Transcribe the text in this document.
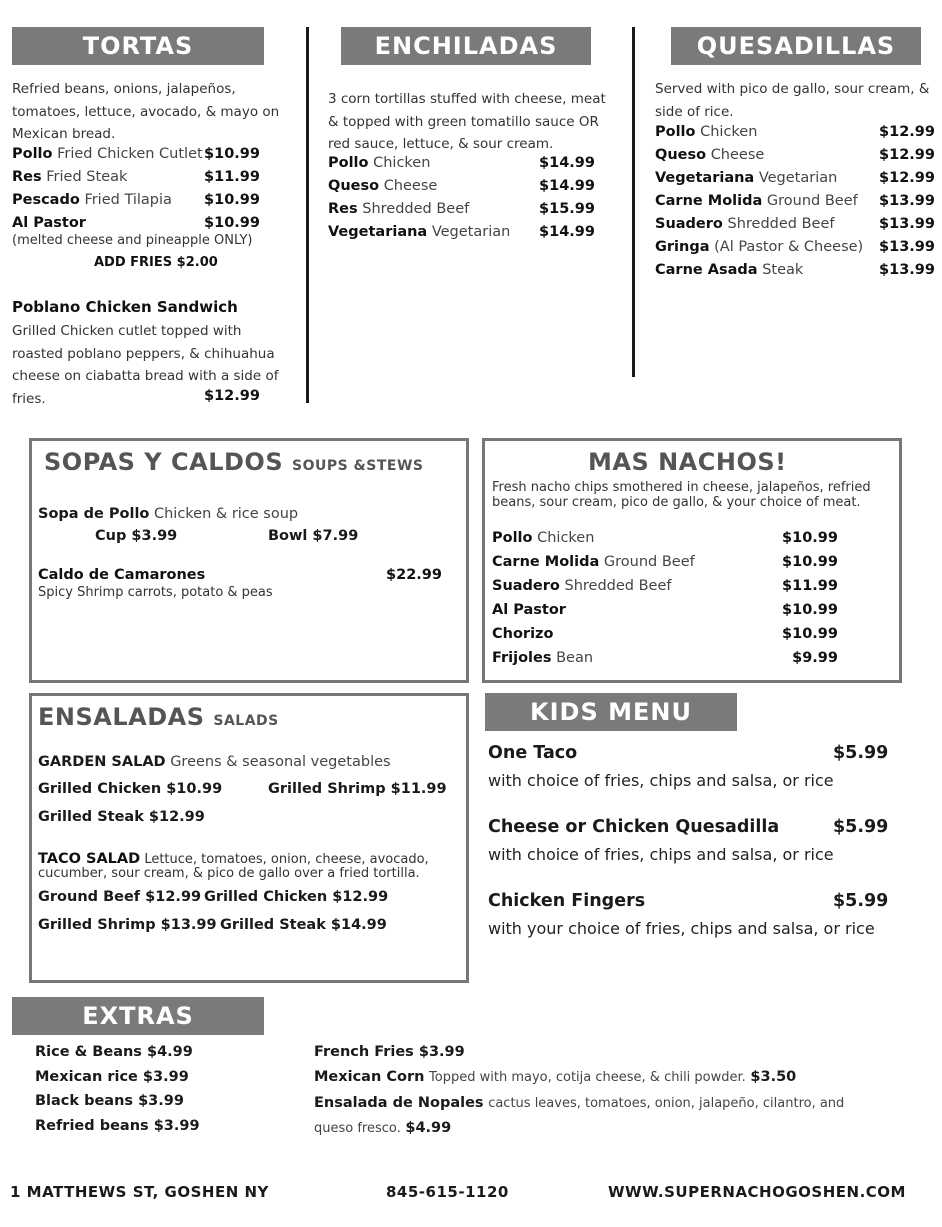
TORTAS
Refried beans, onions, jalapeños, tomatoes, lettuce, avocado, & mayo on Mexican bread.
Pollo Fried Chicken Cutlet $10.99
Res Fried Steak	$11.99
Pescado Fried Tilapia $10.99
Al Pastor	$10.99
(melted cheese and pineapple ONLY)
ADD FRIES $2.00
Poblano Chicken Sandwich
Grilled Chicken cutlet topped with roasted poblano peppers, & chihuahua cheese on ciabatta bread with a side of fries.	$12.99
ENCHILADAS
3 corn tortillas stuffed with cheese, meat & topped with green tomatillo sauce OR red sauce, lettuce, & sour cream.
Pollo Chicken	$14.99
Queso Cheese	$14.99
Res Shredded Beef	$15.99
Vegetariana Vegetarian $14.99
QUESADILLAS
Served with pico de gallo, sour cream, & side of rice.
Pollo Chicken	$12.99
Queso Cheese	$12.99
Vegetariana Vegetarian	$12.99
Carne Molida Ground Beef $13.99
Suadero Shredded Beef	$13.99
Gringa (Al Pastor & Cheese) $13.99
Carne Asada Steak	$13.99
SOPAS Y CALDOS SOUPS &STEWS
Sopa de Pollo Chicken & rice soup
Cup $3.99	Bowl $7.99
Caldo de Camarones	$22.99
Spicy Shrimp carrots, potato & peas
MAS NACHOS!
Fresh nacho chips smothered in cheese, jalapeños, refried beans, sour cream, pico de gallo, & your choice of meat.
Pollo Chicken	$10.99
Carne Molida Ground Beef	$10.99
Suadero Shredded Beef	$11.99
Al Pastor	$10.99
Chorizo	$10.99
Frijoles Bean	$9.99
ENSALADAS SALADS
GARDEN SALAD Greens & seasonal vegetables
Grilled Chicken $10.99	Grilled Shrimp $11.99
Grilled Steak $12.99
TACO SALAD Lettuce, tomatoes, onion, cheese, avocado, cucumber, sour cream, & pico de gallo over a fried tortilla.
Ground Beef $12.99 Grilled Chicken $12.99
Grilled Shrimp $13.99 Grilled Steak $14.99
KIDS MENU
One Taco	$5.99
with choice of fries, chips and salsa, or rice
Cheese or Chicken Quesadilla	$5.99
with choice of fries, chips and salsa, or rice
Chicken Fingers	$5.99
with your choice of fries, chips and salsa, or rice
EXTRAS
Rice & Beans $4.99
Mexican rice $3.99
Black beans $3.99
Refried beans $3.99
French Fries $3.99
Mexican Corn Topped with mayo, cotija cheese, & chili powder. $3.50
Ensalada de Nopales cactus leaves, tomatoes, onion, jalapeño, cilantro, and
queso fresco. $4.99
1 MATTHEWS ST, GOSHEN NY	845-615-1120	WWW.SUPERNACHOGOSHEN.COM
